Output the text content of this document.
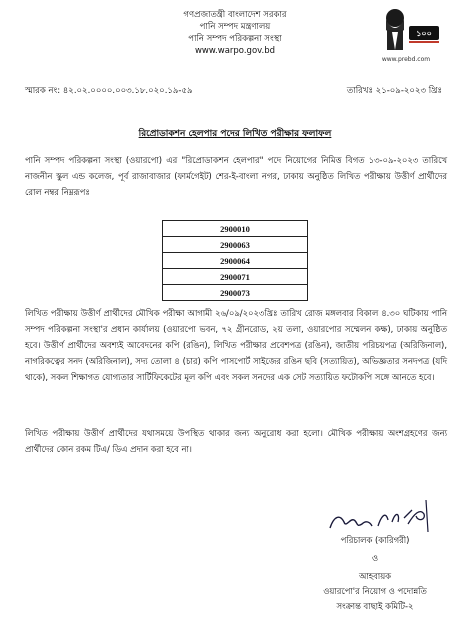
গণপ্রজাতন্ত্রী বাংলাদেশ সরকার
পানি সম্পদ মন্ত্রণালয়
পানি সম্পদ পরিকল্পনা সংস্থা
www.warpo.gov.bd
১০০
www.prebd.com
স্মারক নং: ৪২.০২.০০০০.০০৩.১৮.০২০.১৯-৫৯	তারিখঃ ২১-০৯-২০২৩ খ্রিঃ
রিপ্রোডাকশন হেলপার পদের লিখিত পরীক্ষার ফলাফল
পানি সম্পদ পরিকল্পনা সংস্থা (ওয়ারপো) এর "রিপ্রোডাকশন হেলপার" পদে নিয়োগের নিমিত্ত বিগত ১৩-০৯-২০২৩ তারিখে নাজনীন স্কুল এন্ড কলেজ, পূর্ব রাজাবাজার (ফার্মগেইট) শের-ই-বাংলা নগর, ঢাকায় অনুষ্ঠিত লিখিত পরীক্ষায় উত্তীর্ণ প্রার্থীদের রোল নম্বর নিম্নরূপঃ
2900010
2900063
2900064
2900071
2900073
লিখিত পরীক্ষায় উত্তীর্ণ প্রার্থীদের মৌখিক পরীক্ষা আগামী ২৬/০৯/২০২৩খ্রিঃ তারিখ রোজ মঙ্গলবার বিকাল ৪.৩০ ঘটিকায় পানি সম্পদ পরিকল্পনা সংস্থা'র প্রধান কার্যালয় (ওয়ারপো ভবন, ৭২ গ্রীনরোড, ২য় তলা, ওয়ারপোর সম্মেলন কক্ষ), ঢাকায় অনুষ্ঠিত হবে। উত্তীর্ণ প্রার্থীদের অবশ্যই আবেদনের কপি (রঙিন), লিখিত পরীক্ষার প্রবেশপত্র (রঙিন), জাতীয় পরিচয়পত্র (অরিজিনাল), নাগরিকত্বের সনদ (অরিজিনাল), সদ্য তোলা ৪ (চার) কপি পাসপোর্ট সাইজের রঙিন ছবি (সত্যায়িত), অভিজ্ঞতার সনদপত্র (যদি থাকে), সকল শিক্ষাগত যোগ্যতার সার্টিফিকেটের মূল কপি এবং সকল সনদের এক সেট সত্যায়িত ফটোকপি সঙ্গে আনতে হবে।
লিখিত পরীক্ষায় উত্তীর্ণ প্রার্থীদের যথাসময়ে উপস্থিত থাকার জন্য অনুরোধ করা হলো। মৌখিক পরীক্ষায় অংশগ্রহণের জন্য প্রার্থীদের কোন রকম টিএ/ ডিএ প্রদান করা হবে না।
পরিচালক (কারিগরী)
ও
আহবায়ক
ওয়ারপো'র নিয়োগ ও পদোন্নতি
সংক্রান্ত বাছাই কমিটি-২
